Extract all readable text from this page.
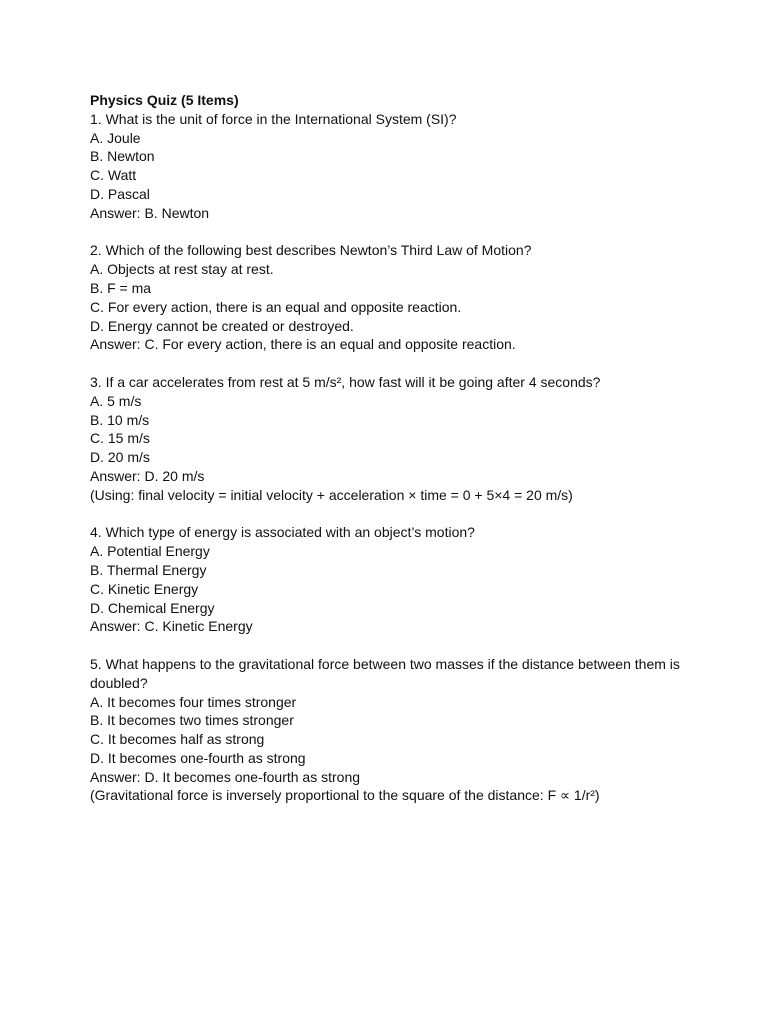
Physics Quiz (5 Items)

1. What is the unit of force in the International System (SI)?

A. Joule

B. Newton

C. Watt

D. Pascal

Answer: B. Newton

2. Which of the following best describes Newton’s Third Law of Motion?

A. Objects at rest stay at rest.

B. F = ma

C. For every action, there is an equal and opposite reaction.

D. Energy cannot be created or destroyed.

Answer: C. For every action, there is an equal and opposite reaction.

3. If a car accelerates from rest at 5 m/s², how fast will it be going after 4 seconds?

A. 5 m/s

B. 10 m/s

C. 15 m/s

D. 20 m/s

Answer: D. 20 m/s

(Using: final velocity = initial velocity + acceleration × time = 0 + 5×4 = 20 m/s)

4. Which type of energy is associated with an object’s motion?

A. Potential Energy

B. Thermal Energy

C. Kinetic Energy

D. Chemical Energy

Answer: C. Kinetic Energy

5. What happens to the gravitational force between two masses if the distance between them is doubled?

A. It becomes four times stronger

B. It becomes two times stronger

C. It becomes half as strong

D. It becomes one-fourth as strong

Answer: D. It becomes one-fourth as strong

(Gravitational force is inversely proportional to the square of the distance: F ∝ 1/r²)
